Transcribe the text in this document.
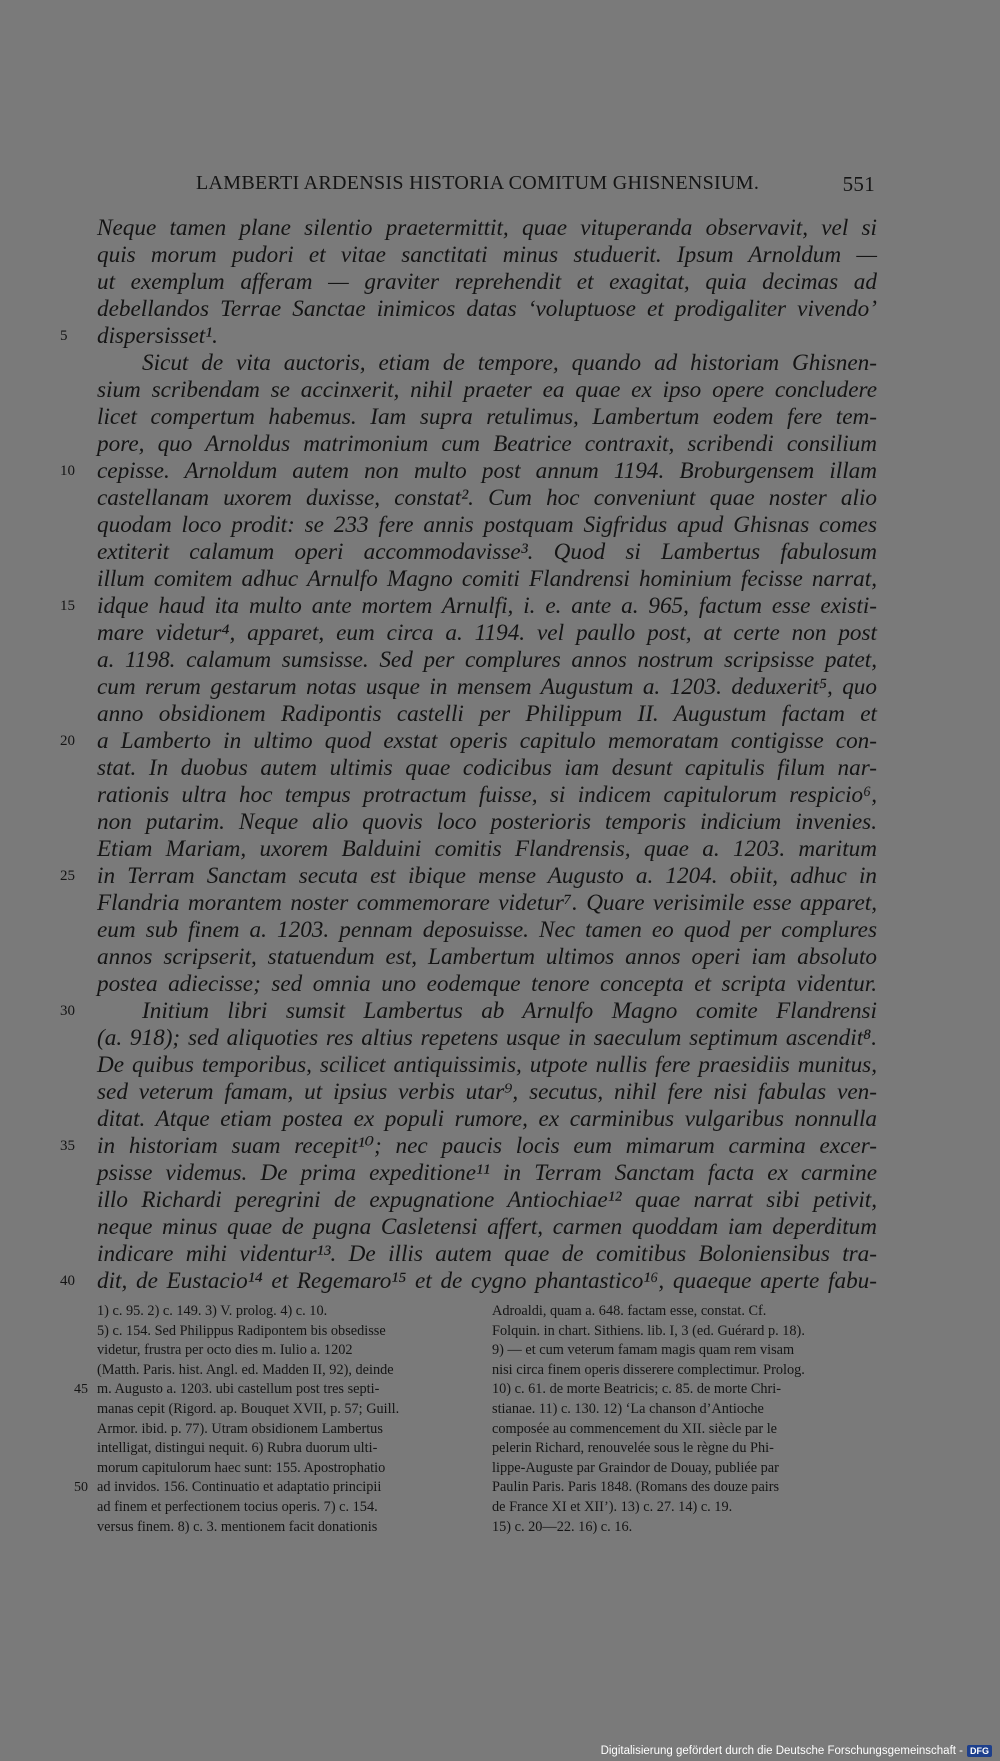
LAMBERTI ARDENSIS HISTORIA COMITUM GHISNENSIUM.	551
Neque tamen plane silentio praetermittit, quae vituperanda observavit, vel si
quis morum pudori et vitae sanctitati minus studuerit. Ipsum Arnoldum —
ut exemplum afferam — graviter reprehendit et exagitat, quia decimas ad
debellandos Terrae Sanctae inimicos datas ‘voluptuose et prodigaliter vivendo’
5	dispersisset¹.
Sicut de vita auctoris, etiam de tempore, quando ad historiam Ghisnen-
sium scribendam se accinxerit, nihil praeter ea quae ex ipso opere concludere
licet compertum habemus. Iam supra retulimus, Lambertum eodem fere tem-
pore, quo Arnoldus matrimonium cum Beatrice contraxit, scribendi consilium
10 cepisse. Arnoldum autem non multo post annum 1194. Broburgensem illam
castellanam uxorem duxisse, constat². Cum hoc conveniunt quae noster alio
quodam loco prodit: se 233 fere annis postquam Sigfridus apud Ghisnas comes
extiterit calamum operi accommodavisse³. Quod si Lambertus fabulosum
illum comitem adhuc Arnulfo Magno comiti Flandrensi hominium fecisse narrat,
15 idque haud ita multo ante mortem Arnulfi, i. e. ante a. 965, factum esse existi-
mare videtur⁴, apparet, eum circa a. 1194. vel paullo post, at certe non post
a. 1198. calamum sumsisse. Sed per complures annos nostrum scripsisse patet,
cum rerum gestarum notas usque in mensem Augustum a. 1203. deduxerit⁵, quo
anno obsidionem Radipontis castelli per Philippum II. Augustum factam et
20 a Lamberto in ultimo quod exstat operis capitulo memoratam contigisse con-
stat. In duobus autem ultimis quae codicibus iam desunt capitulis filum nar-
rationis ultra hoc tempus protractum fuisse, si indicem capitulorum respicio⁶,
non putarim. Neque alio quovis loco posterioris temporis indicium invenies.
Etiam Mariam, uxorem Balduini comitis Flandrensis, quae a. 1203. maritum
25 in Terram Sanctam secuta est ibique mense Augusto a. 1204. obiit, adhuc in
Flandria morantem noster commemorare videtur⁷. Quare verisimile esse apparet,
eum sub finem a. 1203. pennam deposuisse. Nec tamen eo quod per complures
annos scripserit, statuendum est, Lambertum ultimos annos operi iam absoluto
postea adiecisse; sed omnia uno eodemque tenore concepta et scripta videntur.
30	Initium libri sumsit Lambertus ab Arnulfo Magno comite Flandrensi
(a. 918); sed aliquoties res altius repetens usque in saeculum septimum ascendit⁸.
De quibus temporibus, scilicet antiquissimis, utpote nullis fere praesidiis munitus,
sed veterum famam, ut ipsius verbis utar⁹, secutus, nihil fere nisi fabulas ven-
ditat. Atque etiam postea ex populi rumore, ex carminibus vulgaribus nonnulla
35 in historiam suam recepit¹⁰; nec paucis locis eum mimarum carmina excer-
psisse videmus. De prima expeditione¹¹ in Terram Sanctam facta ex carmine
illo Richardi peregrini de expugnatione Antiochiae¹² quae narrat sibi petivit,
neque minus quae de pugna Casletensi affert, carmen quoddam iam deperditum
indicare mihi videntur¹³. De illis autem quae de comitibus Boloniensibus tra-
40 dit, de Eustacio¹⁴ et Regemaro¹⁵ et de cygno phantastico¹⁶, quaeque aperte fabu-
1) c. 95. 2) c. 149. 3) V. prolog. 4) c. 10.
5) c. 154. Sed Philippus Radipontem bis obsedisse
videtur, frustra per octo dies m. Iulio a. 1202
(Matth. Paris. hist. Angl. ed. Madden II, 92), deinde
45 m. Augusto a. 1203. ubi castellum post tres septi-
manas cepit (Rigord. ap. Bouquet XVII, p. 57; Guill.
Armor. ibid. p. 77). Utram obsidionem Lambertus
intelligat, distingui nequit. 6) Rubra duorum ulti-
morum capitulorum haec sunt: 155. Apostrophatio
50 ad invidos. 156. Continuatio et adaptatio principii
ad finem et perfectionem tocius operis. 7) c. 154.
versus finem. 8) c. 3. mentionem facit donationis
Adroaldi, quam a. 648. factam esse, constat. Cf.
Folquin. in chart. Sithiens. lib. I, 3 (ed. Guérard p. 18).
9) — et cum veterum famam magis quam rem visam
nisi circa finem operis disserere complectimur. Prolog.
10) c. 61. de morte Beatricis; c. 85. de morte Chri-
stianae. 11) c. 130. 12) ‘La chanson d’Antioche
composée au commencement du XII. siècle par le
pelerin Richard, renouvelée sous le règne du Phi-
lippe-Auguste par Graindor de Douay, publiée par
Paulin Paris. Paris 1848. (Romans des douze pairs
de France XI et XII’). 13) c. 27. 14) c. 19.
15) c. 20—22. 16) c. 16.
Digitalisierung gefördert durch die Deutsche Forschungsgemeinschaft - DFG
